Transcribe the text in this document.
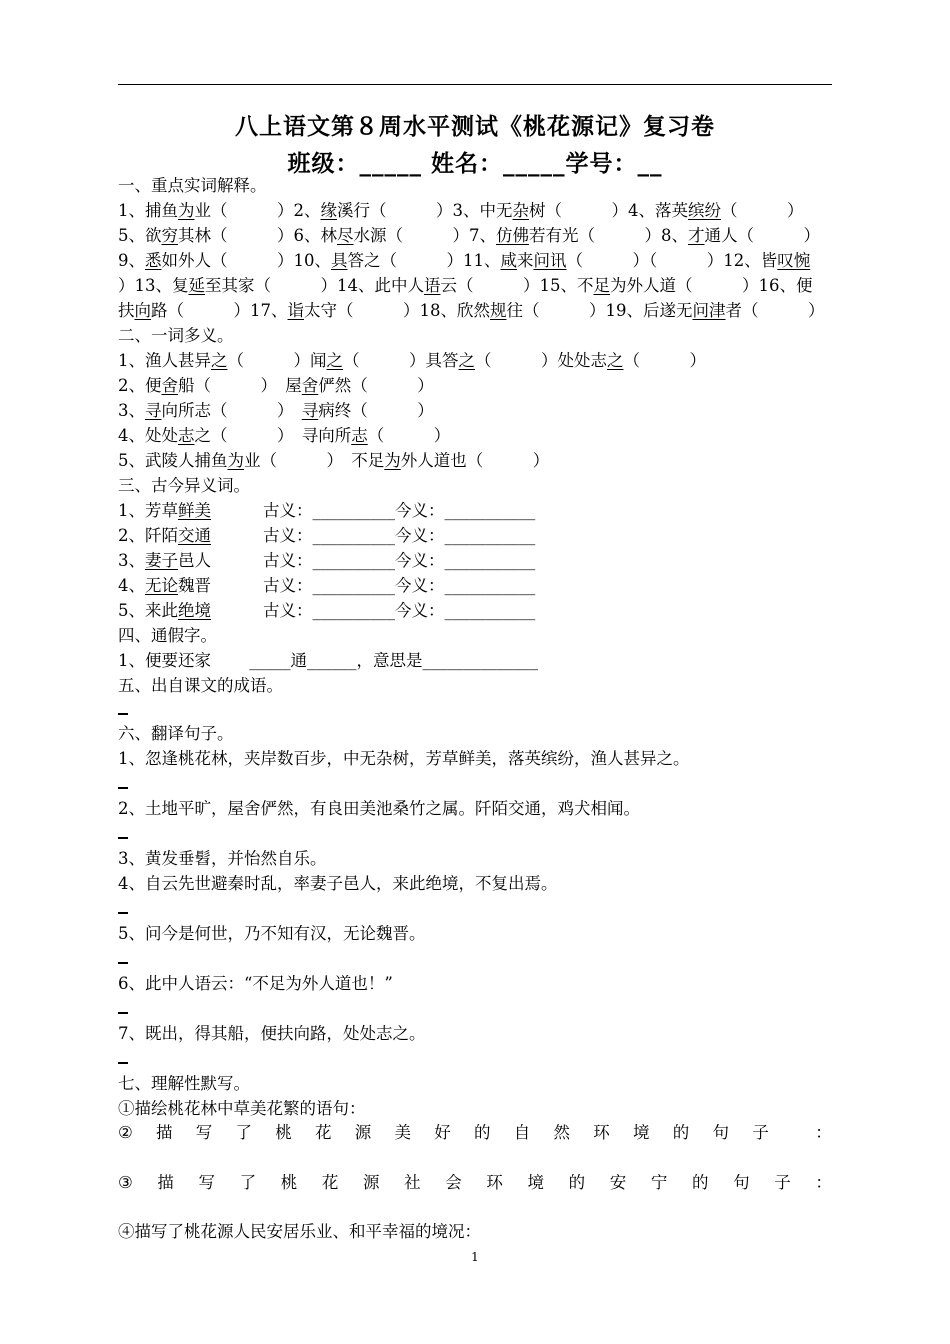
八上语文第８周水平测试《桃花源记》复习卷
班级：_____ 姓名：_____学号：__
一、重点实词解释。
1、捕鱼为业（　　　）2、缘溪行（　　　）3、中无杂树（　　　）4、落英缤纷（　　　）
5、欲穷其林（　　　）6、林尽水源（　　　）7、仿佛若有光（　　　）8、才通人（　　　）
9、悉如外人（　　　）10、具答之（　　　）11、咸来问讯（　　　）（　　　）12、皆叹惋
）13、复延至其家（　　　）14、此中人语云（　　　）15、不足为外人道（　　　）16、便
扶向路（　　　）17、诣太守（　　　）18、欣然规往（　　　）19、后遂无问津者（　　　）
二、一词多义。
1、渔人甚异之（　　　）闻之（　　　）具答之（　　　）处处志之（　　　）
2、便舍船（　　　）　屋舍俨然（　　　）
3、寻向所志（　　　）　寻病终（　　　）
4、处处志之（　　　）　寻向所志（　　　）
5、武陵人捕鱼为业（　　　）　不足为外人道也（　　　）
三、古今异义词。
1、芳草鲜美	古义：__________今义：___________
2、阡陌交通	古义：__________今义：___________
3、妻子邑人	古义：__________今义：___________
4、无论魏晋	古义：__________今义：___________
5、来此绝境	古义：__________今义：___________
四、通假字。
1、便要还家　　 _____通______，意思是______________
五、出自课文的成语。
六、翻译句子。
1、忽逢桃花林，夹岸数百步，中无杂树，芳草鲜美，落英缤纷，渔人甚异之。
2、土地平旷，屋舍俨然，有良田美池桑竹之属。阡陌交通，鸡犬相闻。
3、黄发垂髫，并怡然自乐。
4、自云先世避秦时乱，率妻子邑人，来此绝境，不复出焉。
5、问今是何世，乃不知有汉，无论魏晋。
6、此中人语云：“不足为外人道也！”
7、既出，得其船，便扶向路，处处志之。
七、理解性默写。
①描绘桃花林中草美花繁的语句：
② 描 写 了 桃 花 源 美 好 的 自 然 环 境 的 句 子	：
③ 描 写 了 桃 花 源 社 会 环 境 的 安 宁 的 句 子 ：
④描写了桃花源人民安居乐业、和平幸福的境况：
1
